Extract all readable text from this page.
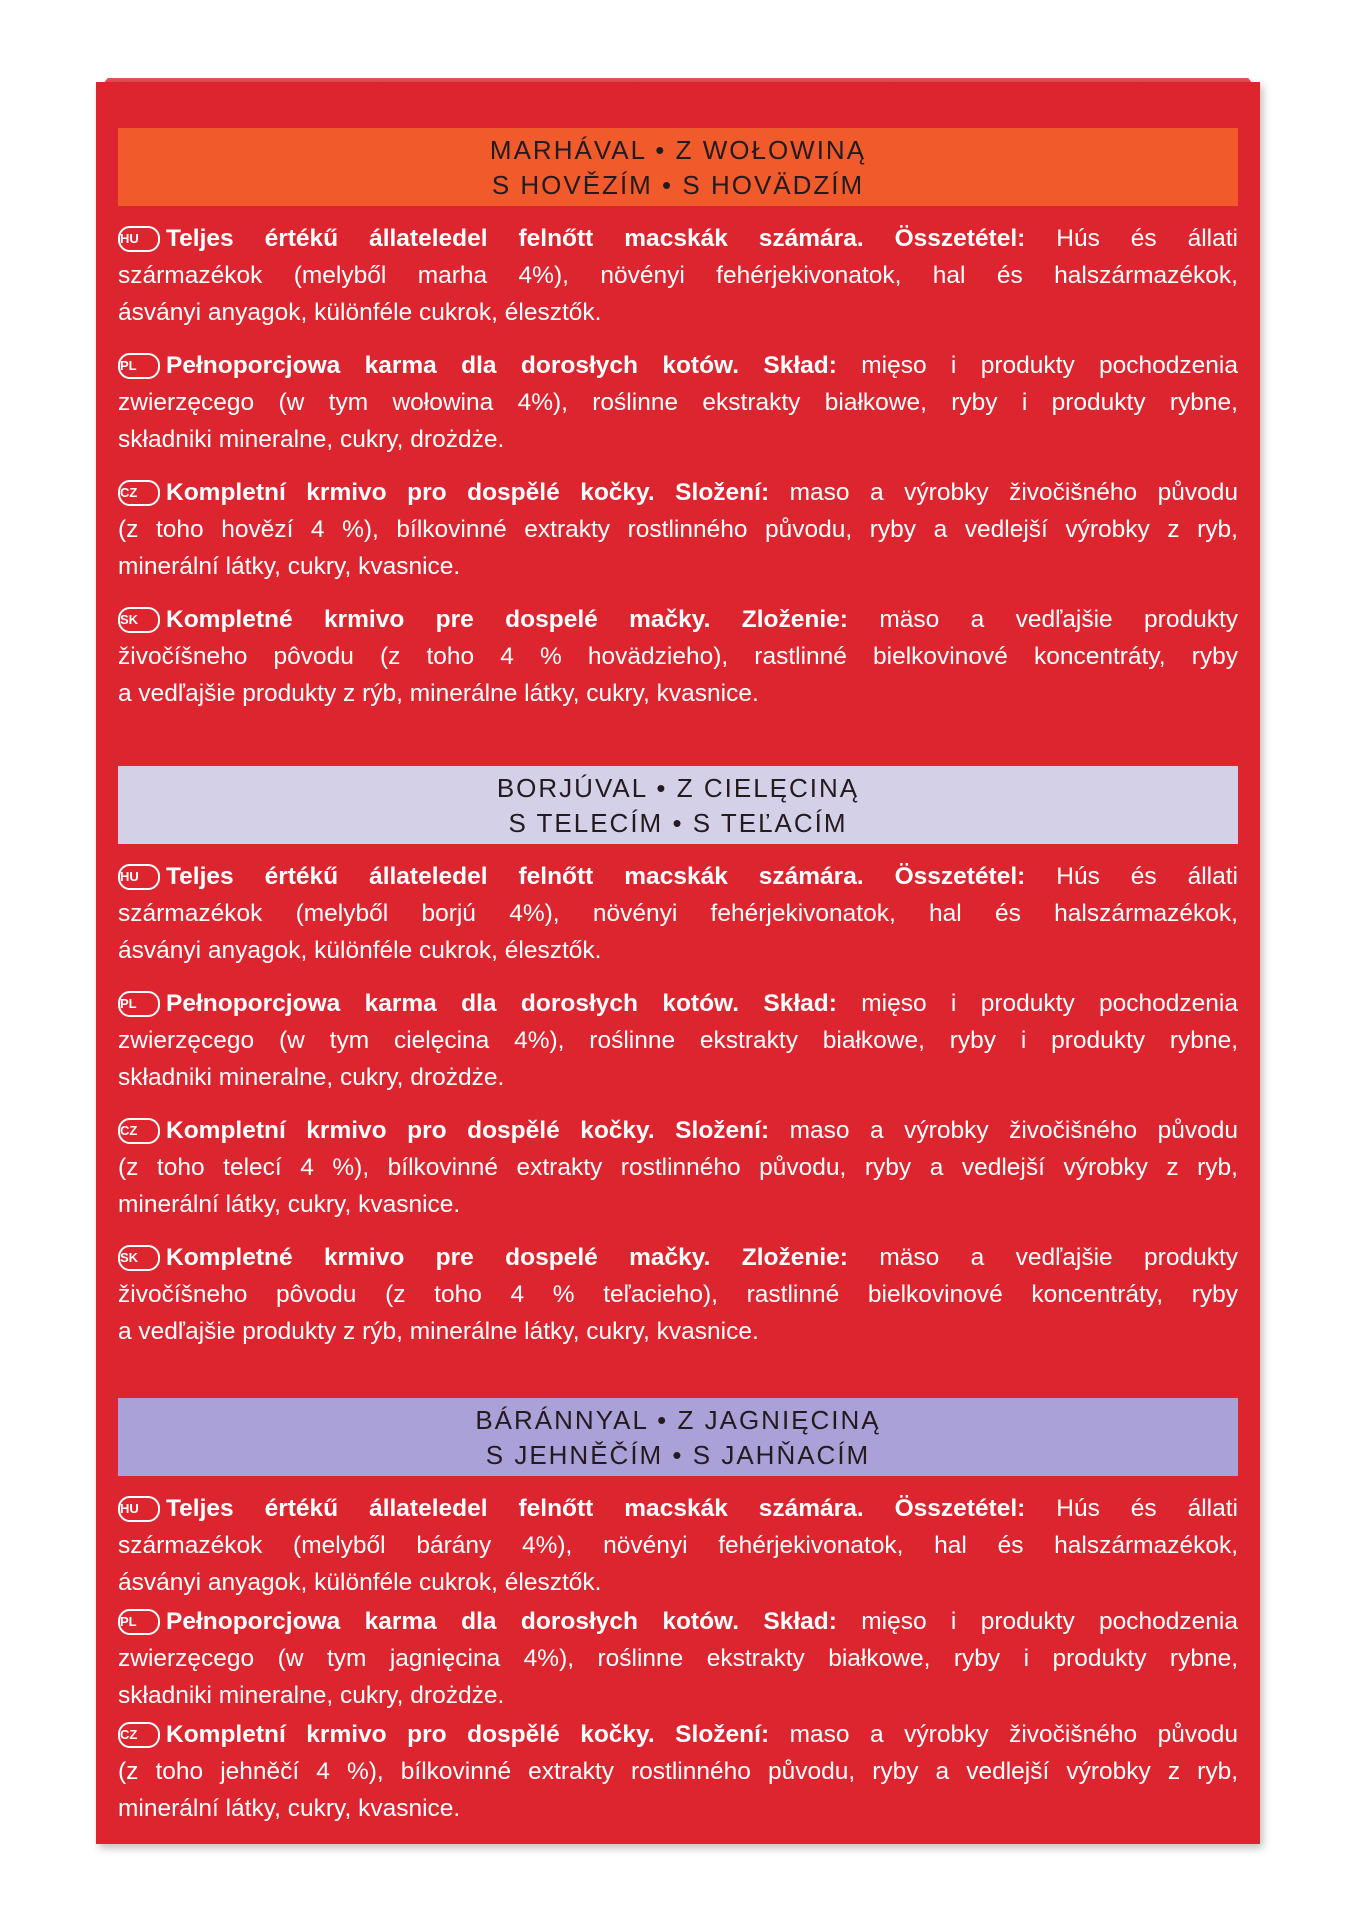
MARHÁVAL • Z WOŁOWINĄ
S HOVĚZÍM • S HOVÄDZÍM
HU Teljes értékű állateledel felnőtt macskák számára. Összetétel: Hús és állati
származékok (melyből marha 4%), növényi fehérjekivonatok, hal és halszármazékok,
ásványi anyagok, különféle cukrok, élesztők.
PL Pełnoporcjowa karma dla dorosłych kotów. Skład: mięso i produkty pochodzenia
zwierzęcego (w tym wołowina 4%), roślinne ekstrakty białkowe, ryby i produkty rybne,
składniki mineralne, cukry, drożdże.
CZ Kompletní krmivo pro dospělé kočky. Složení: maso a výrobky živočišného původu
(z toho hovězí 4 %), bílkovinné extrakty rostlinného původu, ryby a vedlejší výrobky z ryb,
minerální látky, cukry, kvasnice.
SK Kompletné krmivo pre dospelé mačky. Zloženie: mäso a vedľajšie produkty
živočíšneho pôvodu (z toho 4 % hovädzieho), rastlinné bielkovinové koncentráty, ryby
a vedľajšie produkty z rýb, minerálne látky, cukry, kvasnice.
BORJÚVAL • Z CIELĘCINĄ
S TELECÍM • S TEĽACÍM
HU Teljes értékű állateledel felnőtt macskák számára. Összetétel: Hús és állati
származékok (melyből borjú 4%), növényi fehérjekivonatok, hal és halszármazékok,
ásványi anyagok, különféle cukrok, élesztők.
PL Pełnoporcjowa karma dla dorosłych kotów. Skład: mięso i produkty pochodzenia
zwierzęcego (w tym cielęcina 4%), roślinne ekstrakty białkowe, ryby i produkty rybne,
składniki mineralne, cukry, drożdże.
CZ Kompletní krmivo pro dospělé kočky. Složení: maso a výrobky živočišného původu
(z toho telecí 4 %), bílkovinné extrakty rostlinného původu, ryby a vedlejší výrobky z ryb,
minerální látky, cukry, kvasnice.
SK Kompletné krmivo pre dospelé mačky. Zloženie: mäso a vedľajšie produkty
živočíšneho pôvodu (z toho 4 % teľacieho), rastlinné bielkovinové koncentráty, ryby
a vedľajšie produkty z rýb, minerálne látky, cukry, kvasnice.
BÁRÁNNYAL • Z JAGNIĘCINĄ
S JEHNĚČÍM • S JAHŇACÍM
HU Teljes értékű állateledel felnőtt macskák számára. Összetétel: Hús és állati
származékok (melyből bárány 4%), növényi fehérjekivonatok, hal és halszármazékok,
ásványi anyagok, különféle cukrok, élesztők.
PL Pełnoporcjowa karma dla dorosłych kotów. Skład: mięso i produkty pochodzenia
zwierzęcego (w tym jagnięcina 4%), roślinne ekstrakty białkowe, ryby i produkty rybne,
składniki mineralne, cukry, drożdże.
CZ Kompletní krmivo pro dospělé kočky. Složení: maso a výrobky živočišného původu
(z toho jehněčí 4 %), bílkovinné extrakty rostlinného původu, ryby a vedlejší výrobky z ryb,
minerální látky, cukry, kvasnice.
